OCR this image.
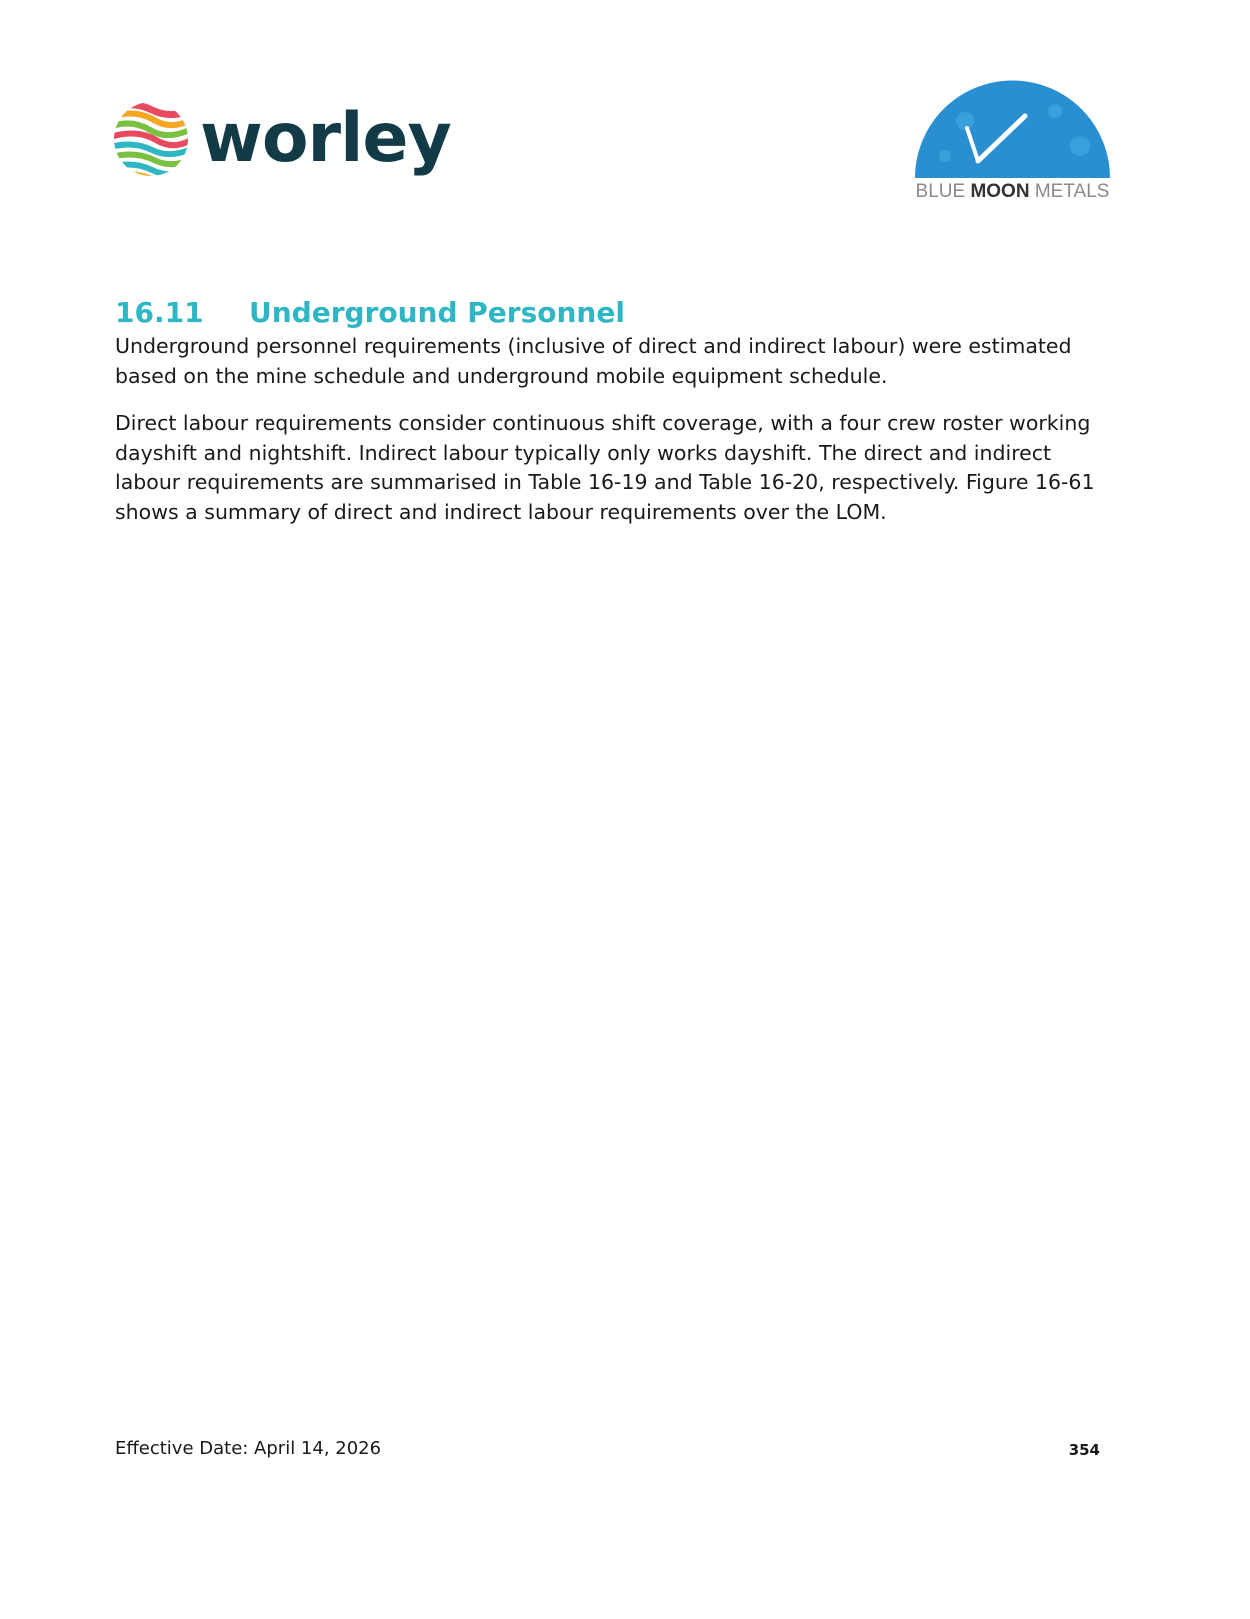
worley
BLUE MOON METALS
16.11 Underground Personnel

Underground personnel requirements (inclusive of direct and indirect labour) were estimated based on the mine schedule and underground mobile equipment schedule.

Direct labour requirements consider continuous shift coverage, with a four crew roster working dayshift and nightshift. Indirect labour typically only works dayshift. The direct and indirect labour requirements are summarised in Table 16-19 and Table 16-20, respectively. Figure 16-61 shows a summary of direct and indirect labour requirements over the LOM.

Effective Date: April 14, 2026	354
